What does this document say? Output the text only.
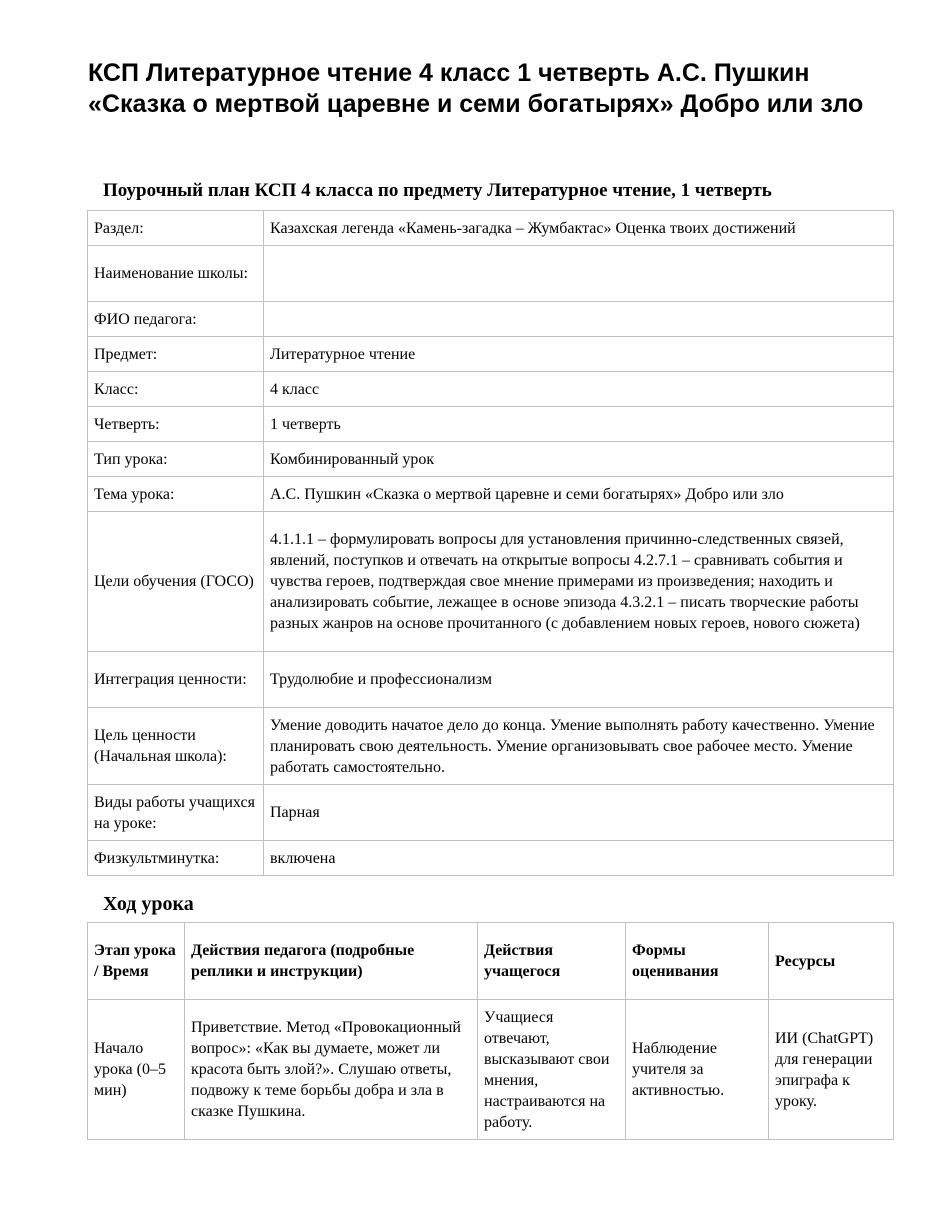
КСП Литературное чтение 4 класс 1 четверть А.С. Пушкин «Сказка о мертвой царевне и семи богатырях» Добро или зло
Поурочный план КСП 4 класса по предмету Литературное чтение, 1 четверть
Раздел:	Казахская легенда «Камень-загадка – Жумбактас» Оценка твоих достижений
Наименование школы:	
ФИО педагога:	
Предмет:	Литературное чтение
Класс:	4 класс
Четверть:	1 четверть
Тип урока:	Комбинированный урок
Тема урока:	А.С. Пушкин «Сказка о мертвой царевне и семи богатырях» Добро или зло
Цели обучения (ГОСО)	4.1.1.1 – формулировать вопросы для установления причинно-следственных связей, явлений, поступков и отвечать на открытые вопросы 4.2.7.1 – сравнивать события и чувства героев, подтверждая свое мнение примерами из произведения; находить и анализировать событие, лежащее в основе эпизода 4.3.2.1 – писать творческие работы разных жанров на основе прочитанного (с добавлением новых героев, нового сюжета)
Интеграция ценности:	Трудолюбие и профессионализм
Цель ценности (Начальная школа):	Умение доводить начатое дело до конца. Умение выполнять работу качественно. Умение планировать свою деятельность. Умение организовывать свое рабочее место. Умение работать самостоятельно.
Виды работы учащихся на уроке:	Парная
Физкультминутка:	включена
Ход урока
Этап урока / Время	Действия педагога (подробные реплики и инструкции)	Действия учащегося	Формы оценивания	Ресурсы
Начало урока (0–5 мин)	Приветствие. Метод «Провокационный вопрос»: «Как вы думаете, может ли красота быть злой?». Слушаю ответы, подвожу к теме борьбы добра и зла в сказке Пушкина.	Учащиеся отвечают, высказывают свои мнения, настраиваются на работу.	Наблюдение учителя за активностью.	ИИ (ChatGPT) для генерации эпиграфа к уроку.
